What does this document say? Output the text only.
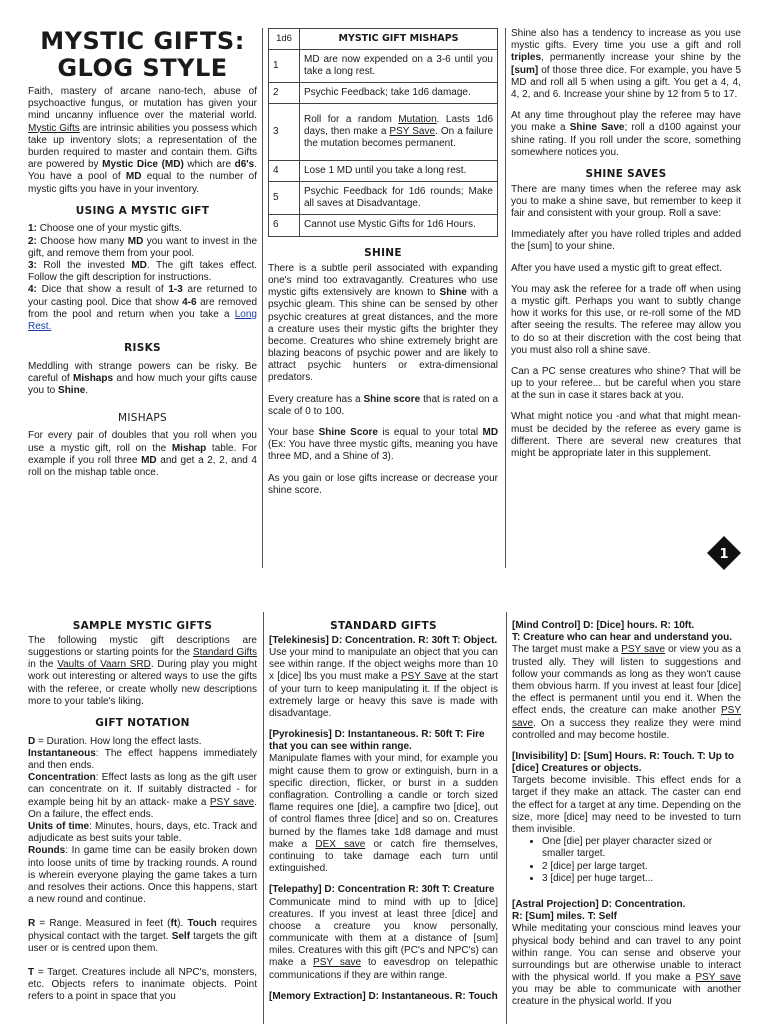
MYSTIC GIFTS:
GLOG STYLE

Faith, mastery of arcane nano-tech, abuse of psychoactive fungus, or mutation has given your mind uncanny influence over the material world. Mystic Gifts are intrinsic abilities you possess which take up inventory slots; a representation of the burden required to master and contain them. Gifts are powered by Mystic Dice (MD) which are d6's. You have a pool of MD equal to the number of mystic gifts you have in your inventory.

USING A MYSTIC GIFT

1: Choose one of your mystic gifts.
2: Choose how many MD you want to invest in the gift, and remove them from your pool.
3: Roll the invested MD. The gift takes effect. Follow the gift description for instructions.
4: Dice that show a result of 1-3 are returned to your casting pool. Dice that show 4-6 are removed from the pool and return when you take a Long Rest.

RISKS

Meddling with strange powers can be risky. Be careful of Mishaps and how much your gifts cause you to Shine.

MISHAPS

For every pair of doubles that you roll when you use a mystic gift, roll on the Mishap table. For example if you roll three MD and get a 2, 2, and 4 roll on the mishap table once.

1d6	MYSTIC GIFT MISHAPS
1	MD are now expended on a 3-6 until you take a long rest.
2	Psychic Feedback; take 1d6 damage.
3	Roll for a random Mutation. Lasts 1d6 days, then make a PSY Save. On a failure the mutation becomes permanent.
4	Lose 1 MD until you take a long rest.
5	Psychic Feedback for 1d6 rounds; Make all saves at Disadvantage.
6	Cannot use Mystic Gifts for 1d6 Hours.
SHINE

There is a subtle peril associated with expanding one's mind too extravagantly. Creatures who use mystic gifts extensively are known to Shine with a psychic gleam. This shine can be sensed by other psychic creatures at great distances, and the more a creature uses their mystic gifts the brighter they become. Creatures who shine extremely bright are blazing beacons of psychic power and are likely to attract psychic hunters or extra-dimensional predators.

Every creature has a Shine score that is rated on a scale of 0 to 100.

Your base Shine Score is equal to your total MD (Ex: You have three mystic gifts, meaning you have three MD, and a Shine of 3).

As you gain or lose gifts increase or decrease your shine score.

Shine also has a tendency to increase as you use mystic gifts. Every time you use a gift and roll triples, permanently increase your shine by the [sum] of those three dice. For example, you have 5 MD and roll all 5 when using a gift. You get a 4, 4, 4, 2, and 6. Increase your shine by 12 from 5 to 17.

At any time throughout play the referee may have you make a Shine Save; roll a d100 against your shine rating. If you roll under the score, something somewhere notices you.

SHINE SAVES

There are many times when the referee may ask you to make a shine save, but remember to keep it fair and consistent with your group. Roll a save:

Immediately after you have rolled triples and added the [sum] to your shine.

After you have used a mystic gift to great effect.

You may ask the referee for a trade off when using a mystic gift. Perhaps you want to subtly change how it works for this use, or re-roll some of the MD after seeing the results. The referee may allow you to do so at their discretion with the cost being that you must also roll a shine save.

Can a PC sense creatures who shine? That will be up to your referee... but be careful when you stare at the sun in case it stares back at you.

What might notice you -and what that might mean- must be decided by the referee as every game is different. There are several new creatures that might be appropriate later in this supplement.

1
SAMPLE MYSTIC GIFTS

The following mystic gift descriptions are suggestions or starting points for the Standard Gifts in the Vaults of Vaarn SRD. During play you might work out interesting or altered ways to use the gifts with the referee, or create wholly new descriptions more to your table's liking.

GIFT NOTATION

D = Duration. How long the effect lasts.

Instantaneous: The effect happens immediately and then ends.

Concentration: Effect lasts as long as the gift user can concentrate on it. If suitably distracted - for example being hit by an attack- make a PSY save. On a failure, the effect ends.

Units of time: Minutes, hours, days, etc. Track and adjudicate as best suits your table.

Rounds: In game time can be easily broken down into loose units of time by tracking rounds. A round is wherein everyone playing the game takes a turn and resolves their actions. Once this happens, start a new round and continue.

R = Range. Measured in feet (ft). Touch requires physical contact with the target. Self targets the gift user or is centred upon them.

T = Target. Creatures include all NPC's, monsters, etc. Objects refers to inanimate objects. Point refers to a point in space that you

STANDARD GIFTS
[Telekinesis] D: Concentration. R: 30ft T: Object.

Use your mind to manipulate an object that you can see within range. If the object weighs more than 10 x [dice] lbs you must make a PSY Save at the start of your turn to keep manipulating it. If the object is extremely large or heavy this save is made with disadvantage.

[Pyrokinesis] D: Instantaneous. R: 50ft T: Fire that you can see within range.

Manipulate flames with your mind, for example you might cause them to grow or extinguish, burn in a specific direction, flicker, or burst in a sudden conflagration. Controlling a candle or torch sized flame requires one [die], a campfire two [dice], out of control flames three [dice] and so on. Creatures burned by the flames take 1d8 damage and must make a DEX save or catch fire themselves, continuing to take damage each turn until extinguished.

[Telepathy] D: Concentration R: 30ft T: Creature

Communicate mind to mind with up to [dice] creatures. If you invest at least three [dice] and choose a creature you know personally, communicate with them at a distance of [sum] miles. Creatures with this gift (PC's and NPC's) can make a PSY save to eavesdrop on telepathic communications if they are within range.

[Memory Extraction] D: Instantaneous. R: Touch
[Mind Control] D: [Dice] hours. R: 10ft.
T: Creature who can hear and understand you.

The target must make a PSY save or view you as a trusted ally. They will listen to suggestions and follow your commands as long as they won't cause them obvious harm. If you invest at least four [dice] the effect is permanent until you end it. When the effect ends, the creature can make another PSY save. On a success they realize they were mind controlled and may become hostile.

[Invisibility] D: [Sum] Hours. R: Touch. T: Up to [dice] Creatures or objects.

Targets become invisible. This effect ends for a target if they make an attack. The caster can end the effect for a target at any time. Depending on the size, more [dice] may need to be invested to turn them invisible.

• One [die] per player character sized or smaller target.
• 2 [dice] per large target.
• 3 [dice] per huge target...
[Astral Projection] D: Concentration.
R: [Sum] miles. T: Self

While meditating your conscious mind leaves your physical body behind and can travel to any point within range. You can sense and observe your surroundings but are otherwise unable to interact with the physical world. If you make a PSY save you may be able to communicate with another creature in the physical world. If you
